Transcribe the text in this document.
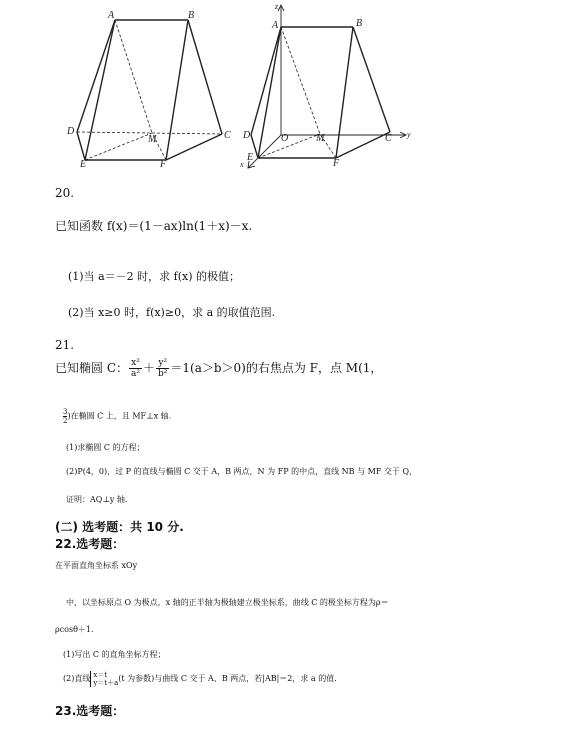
A	B
D
M	C
E	F
z
y
x
A	B
D	O	M	C
E
F
20.
已知函数 f(x)＝(1－ax)ln(1＋x)－x.
(1)当 a＝－2 时，求 f(x) 的极值；
(2)当 x≥0 时，f(x)≥0，求 a 的取值范围.
21.
已知椭圆 C： $\frac{\text{x²}}{\text{a²}} + \frac{\text{y²}}{\text{b²}} =1(a>b>0)$的右焦点为 F，点 M(1，
$\frac{3}{2}$ )在椭圆 C 上，且 MF⊥x 轴.
(1)求椭圆 C 的方程；
(2)P(4，0)，过 P 的直线与椭圆 C 交于 A，B 两点，N 为 FP 的中点，直线 NB 与 MF 交于 Q，
证明：AQ⊥y 轴.
(二) 选考题：共 10 分.
22.选考题：
在平面直角坐标系 xOy
中，以坐标原点 O 为极点，x 轴的正半轴为极轴建立极坐标系，曲线 C 的极坐标方程为ρ＝
ρcosθ＋1.
(1)写出 C 的直角坐标方程；
(2)直线 x＝t
y＝t＋a (t 为参数)与曲线 C 交于 A、B 两点，若|AB|＝2，求 a 的值.
23.选考题：
